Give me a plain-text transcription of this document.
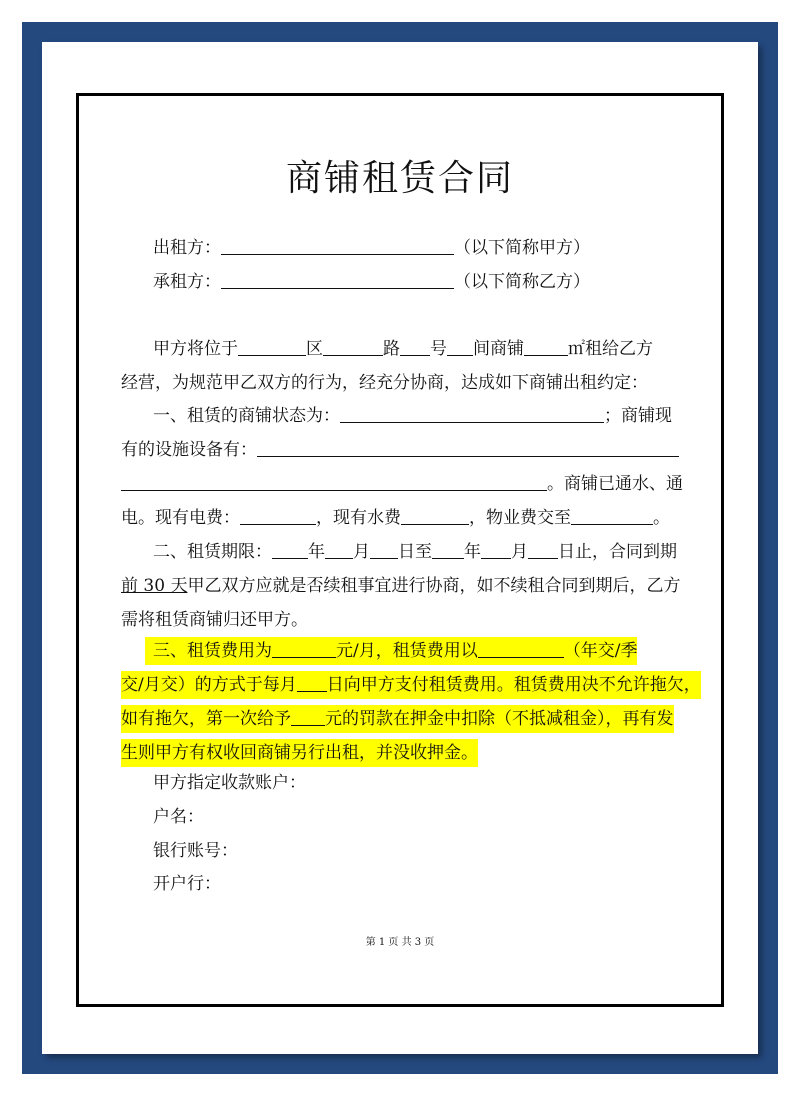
商铺租赁合同
出租方：	（以下简称甲方）
承租方：	（以下简称乙方）
甲方将位于	区	路 号 间商铺	㎡租给乙方
经营，为规范甲乙双方的行为，经充分协商，达成如下商铺出租约定：
一、租赁的商铺状态为：	；商铺现
有的设施设备有：
。商铺已通水、通
电。现有电费：	，现有水费	，物业费交至	。
二、租赁期限： 年 月 日至 年 月 日止，合同到期
前 30 天甲乙双方应就是否续租事宜进行协商，如不续租合同到期后，乙方
需将租赁商铺归还甲方。
三、租赁费用为	元/月，租赁费用以	（年交/季
交/月交）的方式于每月 日向甲方支付租赁费用。租赁费用决不允许拖欠，
如有拖欠，第一次给予 元的罚款在押金中扣除（不抵减租金），再有发
生则甲方有权收回商铺另行出租，并没收押金。
甲方指定收款账户：
户名：
银行账号：
开户行：
第 1 页 共 3 页
